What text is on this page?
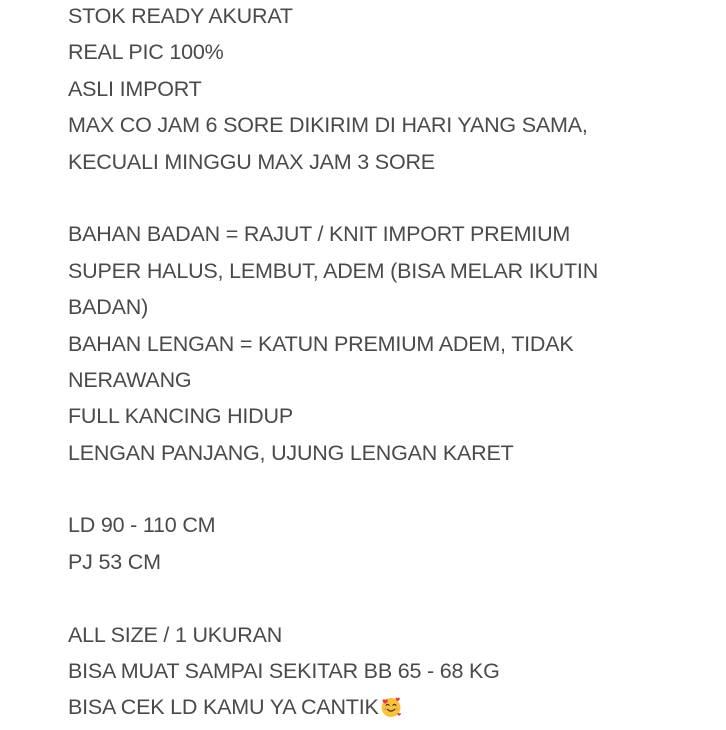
STOK READY AKURAT
REAL PIC 100%
ASLI IMPORT
MAX CO JAM 6 SORE DIKIRIM DI HARI YANG SAMA,
KECUALI MINGGU MAX JAM 3 SORE
BAHAN BADAN = RAJUT / KNIT IMPORT PREMIUM
SUPER HALUS, LEMBUT, ADEM (BISA MELAR IKUTIN
BADAN)
BAHAN LENGAN = KATUN PREMIUM ADEM, TIDAK
NERAWANG
FULL KANCING HIDUP
LENGAN PANJANG, UJUNG LENGAN KARET
LD 90 - 110 CM
PJ 53 CM
ALL SIZE / 1 UKURAN
BISA MUAT SAMPAI SEKITAR BB 65 - 68 KG
BISA CEK LD KAMU YA CANTIK
